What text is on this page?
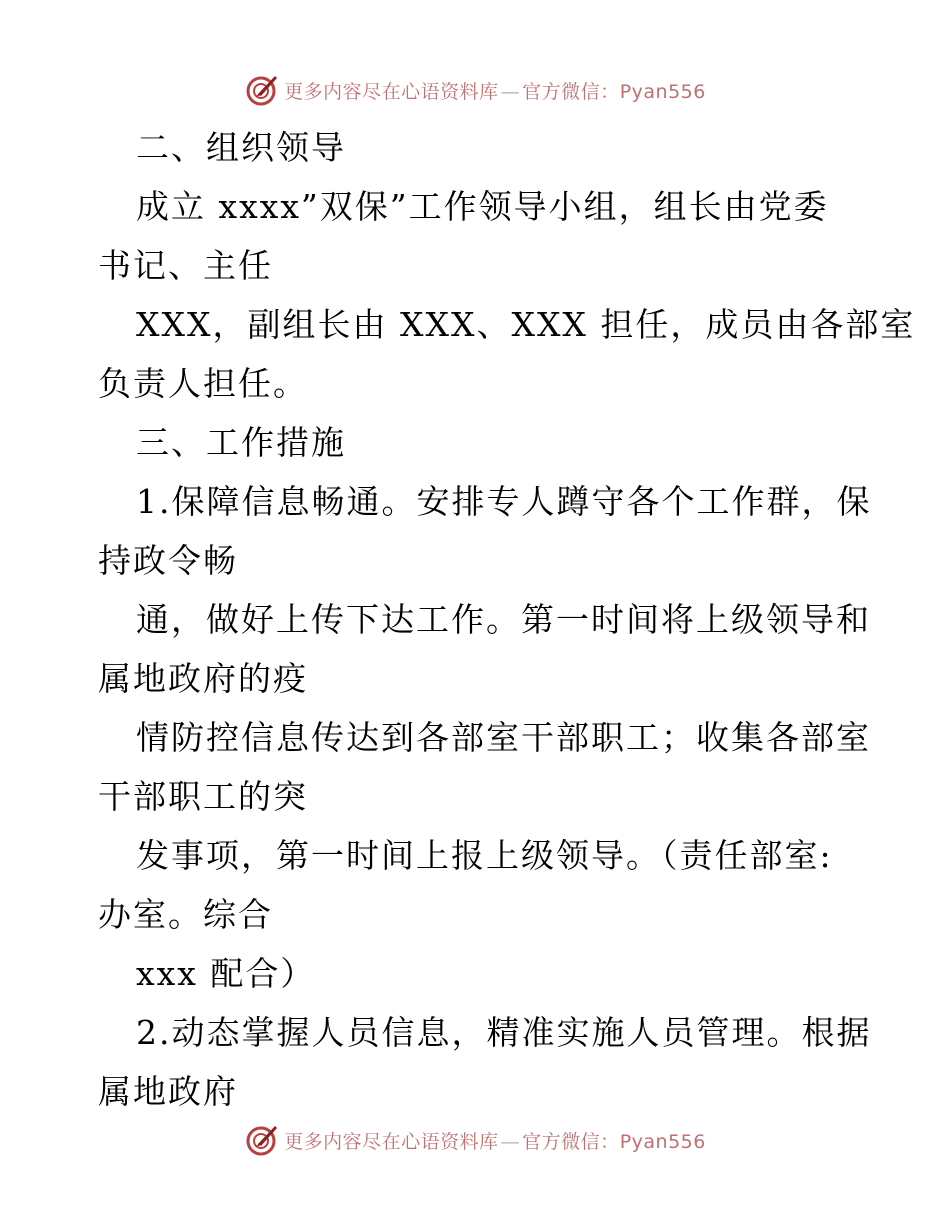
更多内容尽在心语资料库 — 官方微信：Pyan556
二、组织领导
成立 xxxx”双保”工作领导小组，组长由党委
书记、主任
XXX，副组长由 XXX、XXX 担任，成员由各部室
负责人担任。
三、工作措施
1.保障信息畅通。安排专人蹲守各个工作群，保
持政令畅
通，做好上传下达工作。第一时间将上级领导和
属地政府的疫
情防控信息传达到各部室干部职工；收集各部室
干部职工的突
发事项，第一时间上报上级领导。（责任部室:
办室。综合
xxx 配合）
2.动态掌握人员信息，精准实施人员管理。根据
属地政府
更多内容尽在心语资料库 — 官方微信：Pyan556
